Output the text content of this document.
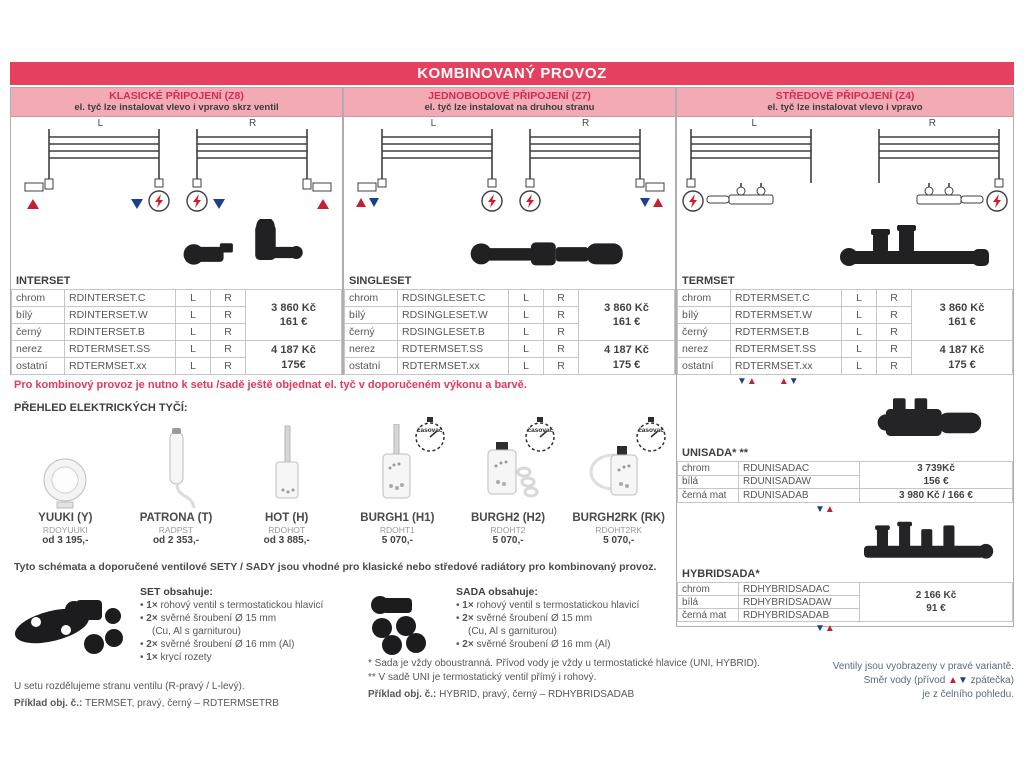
KOMBINOVANÝ PROVOZ
KLASICKÉ PŘIPOJENÍ (Z8)
el. tyč lze instalovat vlevo i vpravo skrz ventil
L	R
INTERSET
chrom	RDINTERSET.C	L	R	3 860 Kč
161 €

bílý	RDINTERSET.W	L	R	
černý	RDINTERSET.B	L	R	
nerez	RDTERMSET.SS	L	R	4 187 Kč
175€

ostatní	RDTERMSET.xx	L	R	
JEDNOBODOVÉ PŘIPOJENÍ (Z7)
el. tyč lze instalovat na druhou stranu
L	R
SINGLESET
chrom	RDSINGLESET.C	L	R	3 860 Kč
161 €

bílý	RDSINGLESET.W	L	R	
černý	RDSINGLESET.B	L	R	
nerez	RDTERMSET.SS	L	R	4 187 Kč
175 €

ostatní	RDTERMSET.xx	L	R	
STŘEDOVÉ PŘIPOJENÍ (Z4)
el. tyč lze instalovat vlevo i vpravo
L	R
TERMSET
chrom	RDTERMSET.C	L	R	3 860 Kč
161 €

bílý	RDTERMSET.W	L	R	
černý	RDTERMSET.B	L	R	
nerez	RDTERMSET.SS	L	R	4 187 Kč
175 €

ostatní	RDTERMSET.xx	L	R	
▼▲ ▲▼
UNISADA* **
chrom	RDUNISADAC	3 739Kč
156 €

bílá	RDUNISADAW	
černá mat	RDUNISADAB	3 980 Kč / 166 €
▼▲
HYBRIDSADA*
chrom	RDHYBRIDSADAC	2 166 Kč
91 €

bílá	RDHYBRIDSADAW	
černá mat	RDHYBRIDSADAB	
▼▲
Pro kombinový provoz je nutno k setu /sadě ještě objednat el. tyč v doporučeném výkonu a barvě.
PŘEHLED ELEKTRICKÝCH TYČÍ:
YUUKI (Y)
RDOYUUKI
od 3 195,-
PATRONA (T)
RADPST
od 2 353,-
HOT (H)
RDOHOT
od 3 885,-
časovač
BURGH1 (H1)
RDOHT1
5 070,-
časovač
BURGH2 (H2)
RDOHT2
5 070,-
časovač
BURGH2RK (RK)
RDOHT2RK
5 070,-
Tyto schémata a doporučené ventilové SETY / SADY jsou vhodné pro klasické nebo středové radiátory pro kombinovaný provoz.
SET obsahuje:
• 1× rohový ventil s termostatickou hlavicí
• 2× svěrné šroubení Ø 15 mm
(Cu, Al s garniturou)
• 2× svěrné šroubení Ø 16 mm (Al)
• 1× krycí rozety
SADA obsahuje:
• 1× rohový ventil s termostatickou hlavicí
• 2× svěrné šroubení Ø 15 mm
(Cu, Al s garniturou)
• 2× svěrné šroubení Ø 16 mm (Al)
* Sada je vždy oboustranná. Přívod vody je vždy u termostatické hlavice (UNI, HYBRID).
** V sadě UNI je termostatický ventil přímý i rohový.
Příklad obj. č.: HYBRID, pravý, černý – RDHYBRIDSADAB
U setu rozdělujeme stranu ventilu (R-pravý / L-levý).
Příklad obj. č.: TERMSET, pravý, černý – RDTERMSETRB
Ventily jsou vyobrazeny v pravé variantě.
Směr vody (přívod ▲▼ zpátečka)
je z čelního pohledu.
